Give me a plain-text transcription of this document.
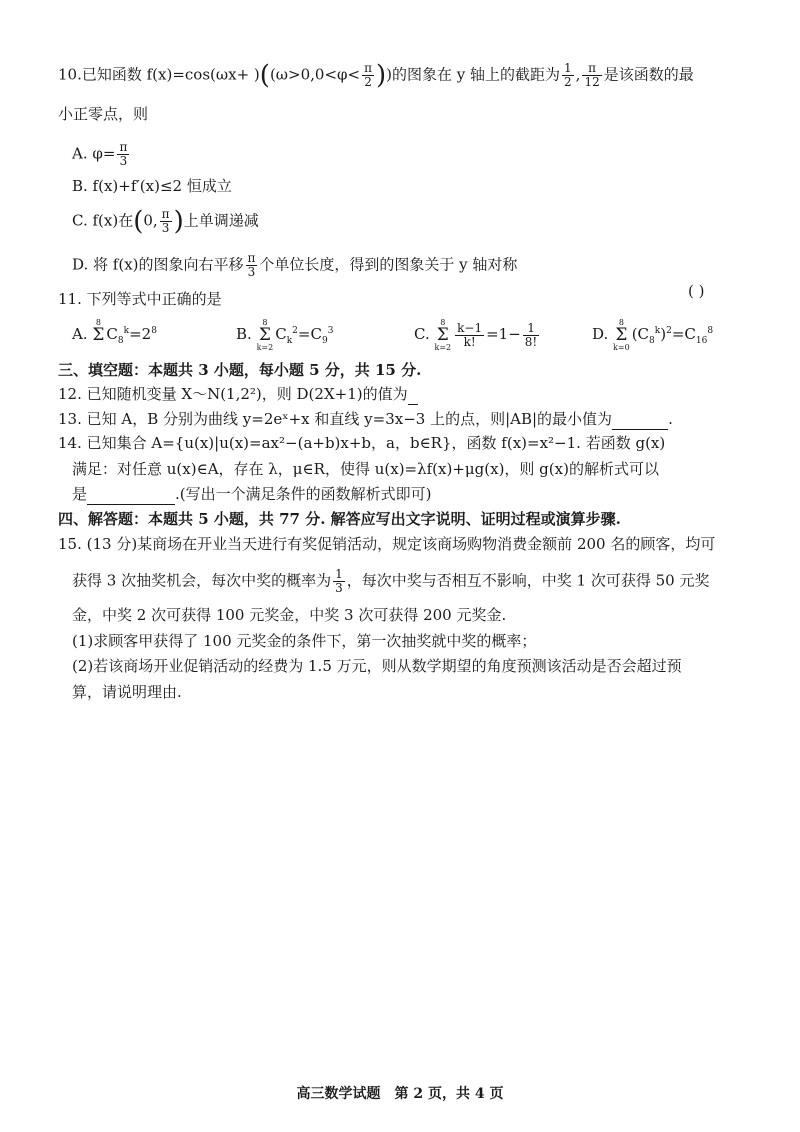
10.已知函数 $f(x)=\cos(\omega x+ )((\omega>0,0<\varphi< \frac{\pi}{2}$ ))的图象在 y 轴上的截距为 $\frac{1}{2}$ , $\frac{\pi}{12}$ 是该函数的最
小正零点，则
A. $\varphi= \frac{\pi}{3}$
B. f(x)+f′(x)≤2 恒成立
C. f(x)在(0, $\frac{\pi}{3}$ )上单调递减
D. 将 f(x)的图象向右平移 $\frac{\pi}{3}$ 个单位长度，得到的图象关于 y 轴对称
11. 下列等式中正确的是	( )
A.
8
Σ
$C_8^k=2^8$	B.
8
Σ
k=2
$C_k^2=C_9^3$	C.
8
Σ
$k=2 \frac{k-1}{k!} =1- \frac{1}{8!}$	D.
8
Σ
k=0
$(C_8^k)^2=C_{16}^8$
三、填空题：本题共 3 小题，每小题 5 分，共 15 分.
12. 已知随机变量 X～N(1,2²)，则 D(2X+1)的值为
13. 已知 A，B 分别为曲线 y=2eˣ+x 和直线 y=3x−3 上的点，则|AB|的最小值为	.
14. 已知集合 A={u(x)|u(x)=ax²−(a+b)x+b，a，b∈R}，函数 f(x)=x²−1. 若函数 g(x)
满足：对任意 u(x)∈A，存在 λ，μ∈R，使得 u(x)=λf(x)+μg(x)，则 g(x)的解析式可以
是	.(写出一个满足条件的函数解析式即可)
四、解答题：本题共 5 小题，共 77 分. 解答应写出文字说明、证明过程或演算步骤.
15. (13 分)某商场在开业当天进行有奖促销活动，规定该商场购物消费金额前 200 名的顾客，均可
获得 3 次抽奖机会，每次中奖的概率为 $\frac{1}{3}$ ，每次中奖与否相互不影响，中奖 1 次可获得 50 元奖
金，中奖 2 次可获得 100 元奖金，中奖 3 次可获得 200 元奖金.
(1)求顾客甲获得了 100 元奖金的条件下，第一次抽奖就中奖的概率；
(2)若该商场开业促销活动的经费为 1.5 万元，则从数学期望的角度预测该活动是否会超过预
算，请说明理由.
高三数学试题　第 2 页，共 4 页
